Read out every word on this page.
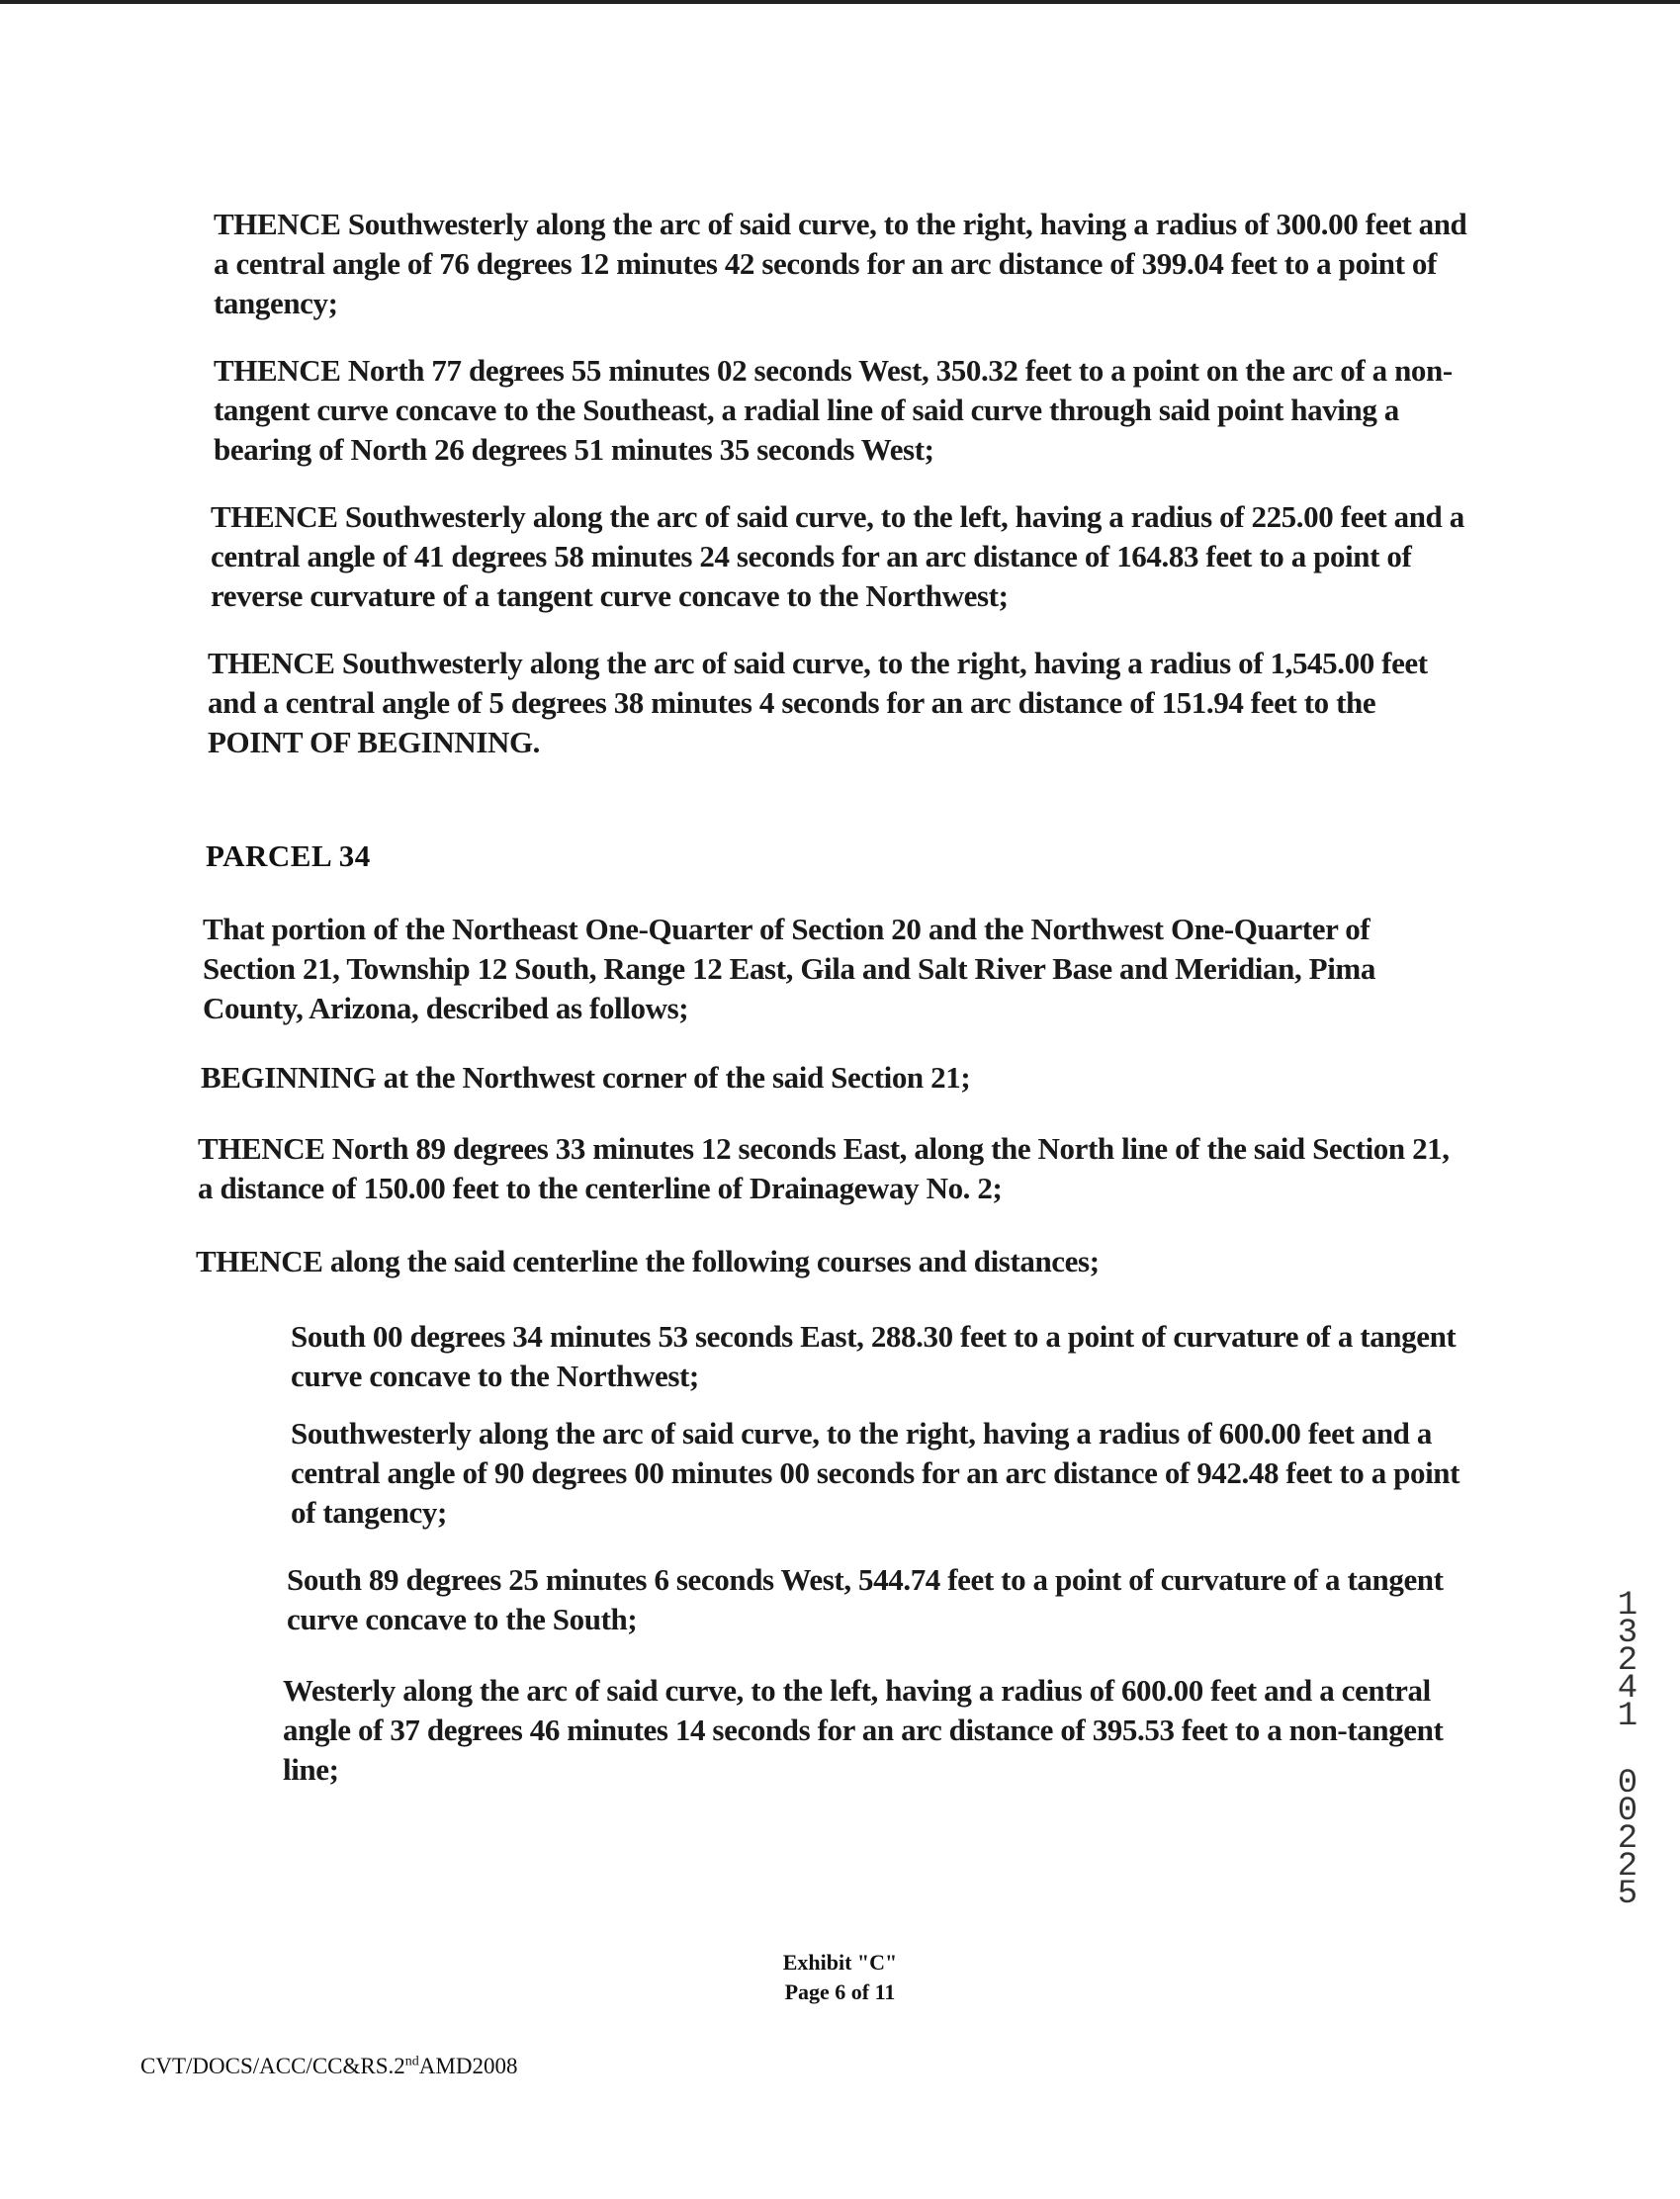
THENCE Southwesterly along the arc of said curve, to the right, having a radius of 300.00 feet and a central angle of 76 degrees 12 minutes 42 seconds for an arc distance of 399.04 feet to a point of tangency;
THENCE North 77 degrees 55 minutes 02 seconds West, 350.32 feet to a point on the arc of a non-tangent curve concave to the Southeast, a radial line of said curve through said point having a bearing of North 26 degrees 51 minutes 35 seconds West;
THENCE Southwesterly along the arc of said curve, to the left, having a radius of 225.00 feet and a central angle of 41 degrees 58 minutes 24 seconds for an arc distance of 164.83 feet to a point of reverse curvature of a tangent curve concave to the Northwest;
THENCE Southwesterly along the arc of said curve, to the right, having a radius of 1,545.00 feet and a central angle of 5 degrees 38 minutes 4 seconds for an arc distance of 151.94 feet to the POINT OF BEGINNING.
PARCEL 34
That portion of the Northeast One-Quarter of Section 20 and the Northwest One-Quarter of Section 21, Township 12 South, Range 12 East, Gila and Salt River Base and Meridian, Pima County, Arizona, described as follows;
BEGINNING at the Northwest corner of the said Section 21;
THENCE North 89 degrees 33 minutes 12 seconds East, along the North line of the said Section 21, a distance of 150.00 feet to the centerline of Drainageway No. 2;
THENCE along the said centerline the following courses and distances;
South 00 degrees 34 minutes 53 seconds East, 288.30 feet to a point of curvature of a tangent curve concave to the Northwest;
Southwesterly along the arc of said curve, to the right, having a radius of 600.00 feet and a central angle of 90 degrees 00 minutes 00 seconds for an arc distance of 942.48 feet to a point of tangency;
South 89 degrees 25 minutes 6 seconds West, 544.74 feet to a point of curvature of a tangent curve concave to the South;
Westerly along the arc of said curve, to the left, having a radius of 600.00 feet and a central angle of 37 degrees 46 minutes 14 seconds for an arc distance of 395.53 feet to a non-tangent line;
Exhibit "C"
Page 6 of 11
CVT/DOCS/ACC/CC&RS.2ndAMD2008
1
3
2
4
1
0
0
2
2
5
